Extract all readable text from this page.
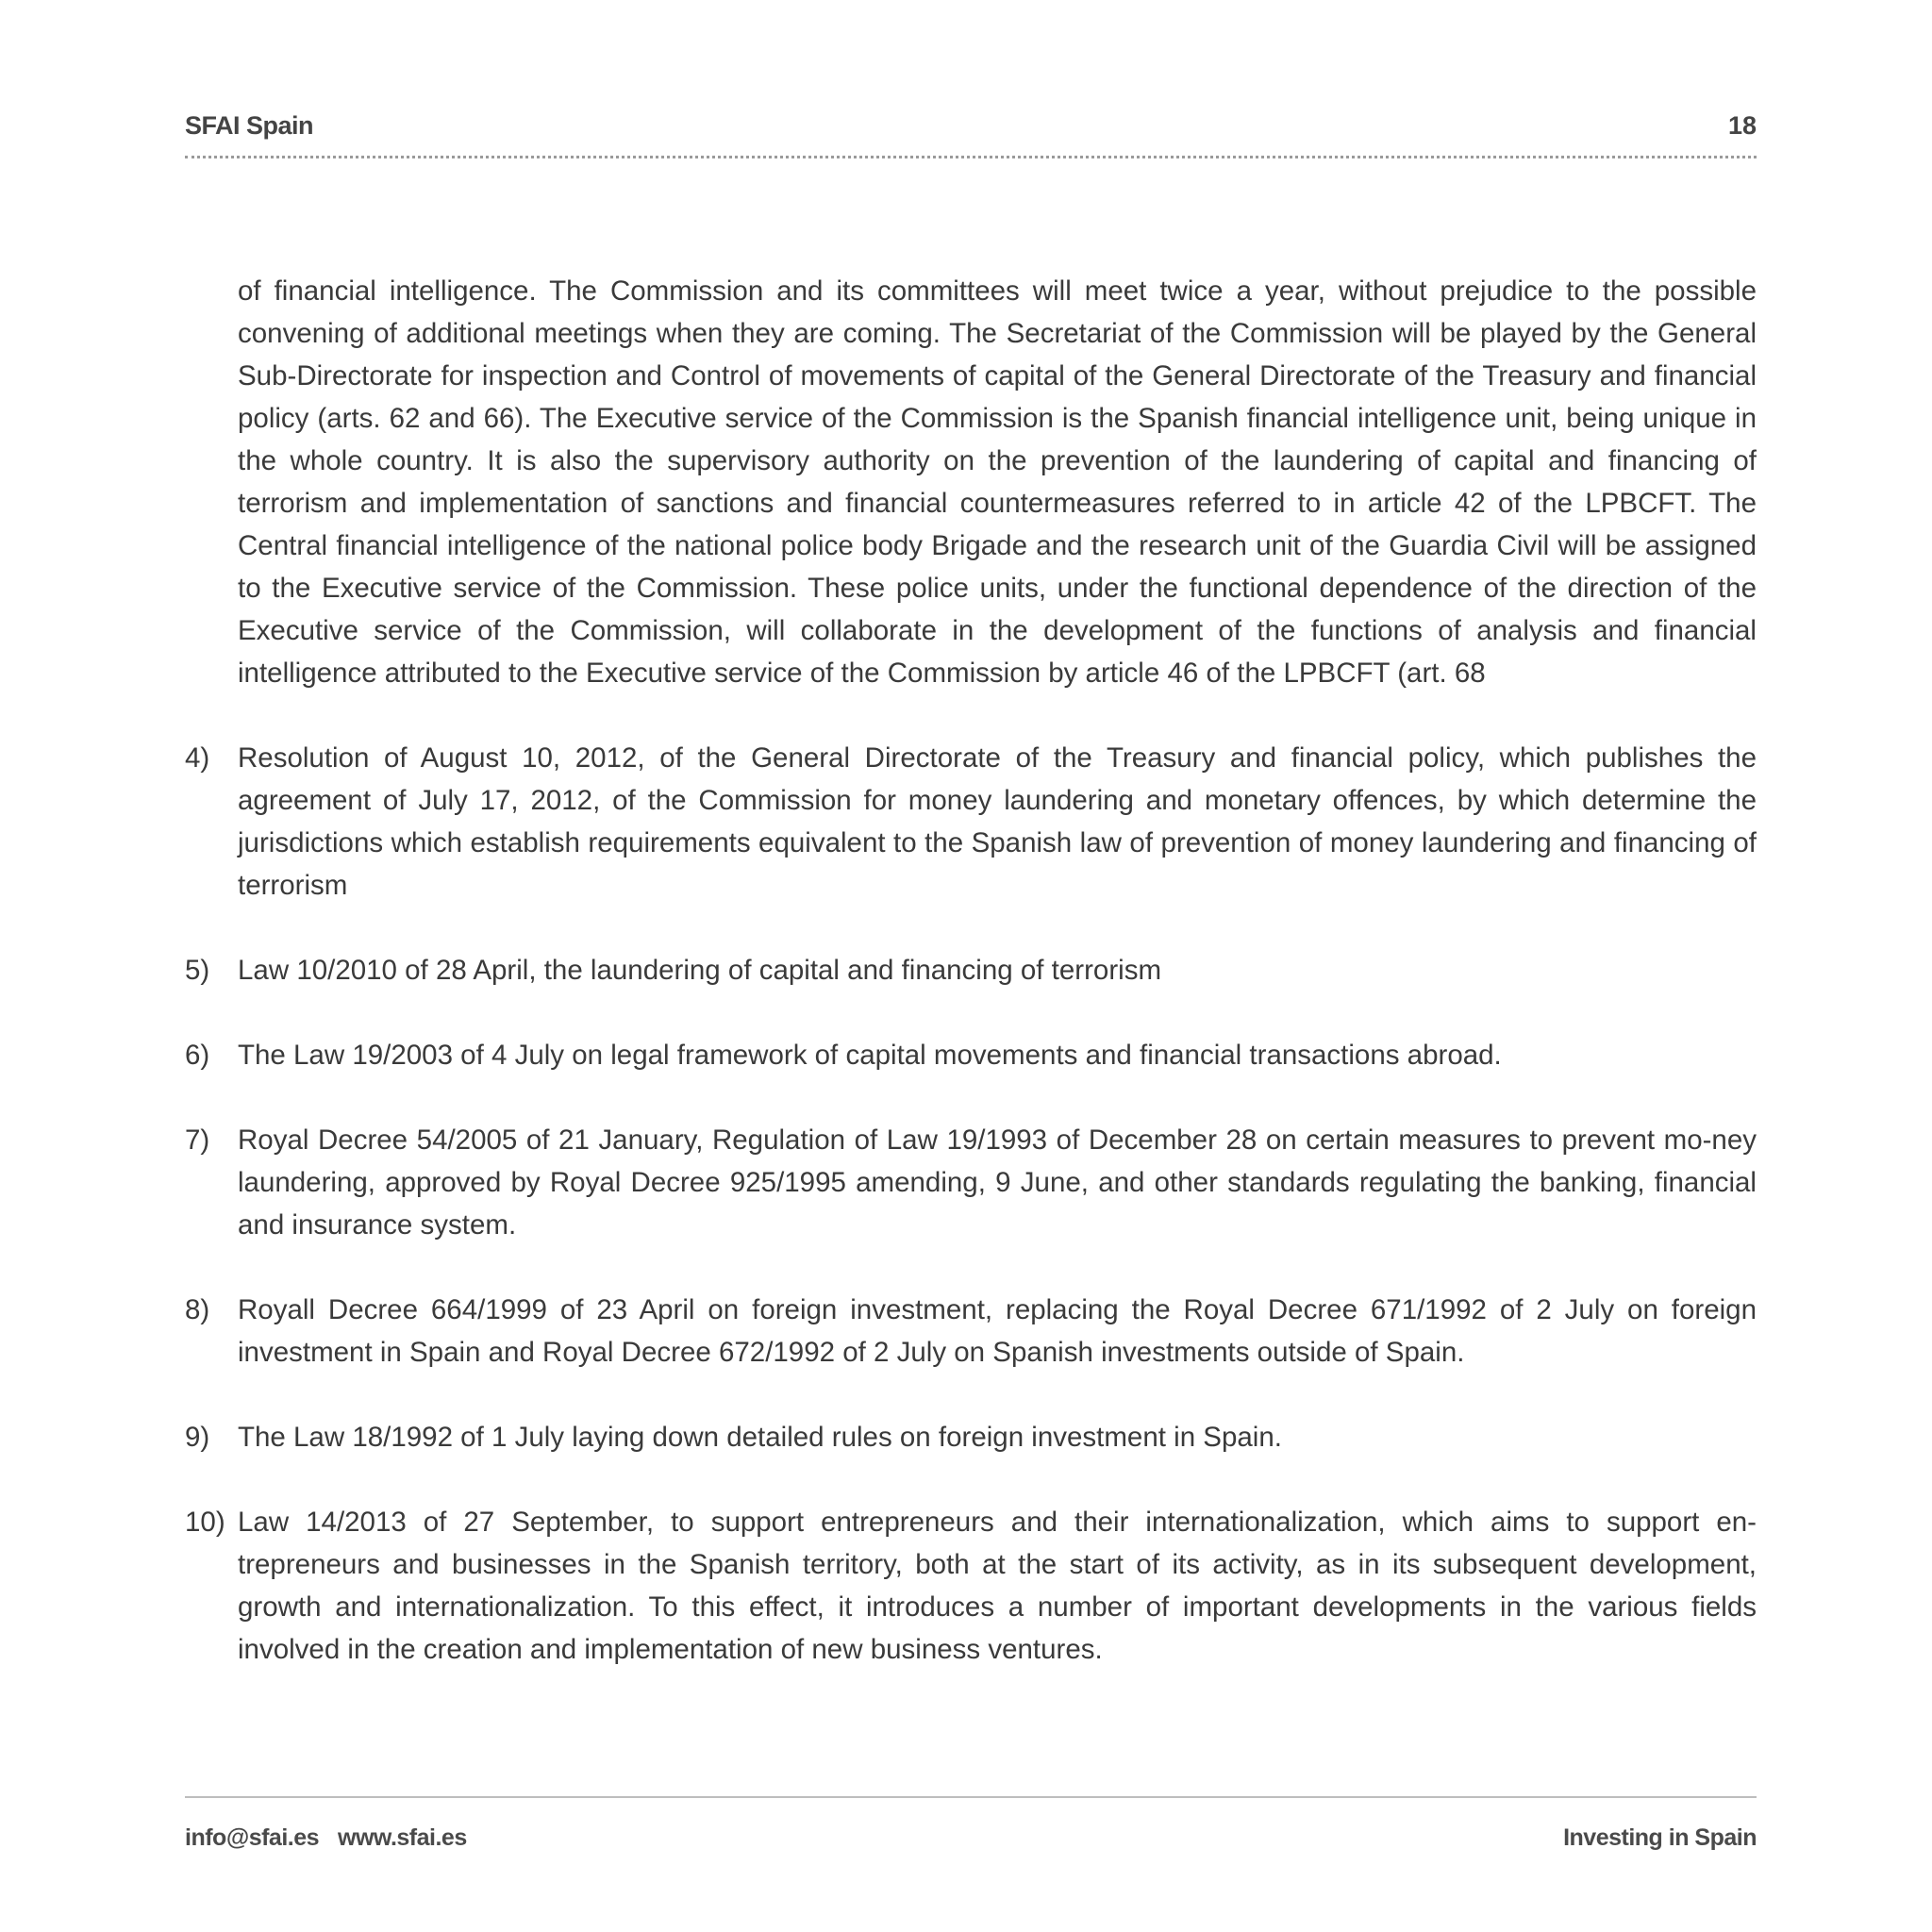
SFAI Spain	18

of financial intelligence. The Commission and its committees will meet twice a year, without prejudice to the possible convening of additional meetings when they are coming. The Secretariat of the Commission will be played by the General Sub-Directorate for inspection and Control of movements of capital of the General Directorate of the Treasury and financial policy (arts. 62 and 66). The Executive service of the Commission is the Spanish financial intelligence unit, being unique in the whole country. It is also the supervisory authority on the prevention of the laundering of capital and financing of terrorism and implementation of sanctions and financial countermeasures referred to in article 42 of the LPBCFT. The Central financial intelligence of the national police body Brigade and the research unit of the Guardia Civil will be assigned to the Executive service of the Commission. These police units, under the functional dependence of the direction of the Executive service of the Commission, will collaborate in the development of the functions of analysis and financial intelligence attributed to the Executive service of the Commission by article 46 of the LPBCFT (art. 68

4) Resolution of August 10, 2012, of the General Directorate of the Treasury and financial policy, which publishes the agreement of July 17, 2012, of the Commission for money laundering and monetary offences, by which determine the jurisdictions which establish requirements equivalent to the Spanish law of prevention of money laundering and financing of terrorism
5) Law 10/2010 of 28 April, the laundering of capital and financing of terrorism
6) The Law 19/2003 of 4 July on legal framework of capital movements and financial transactions abroad.
7) Royal Decree 54/2005 of 21 January, Regulation of Law 19/1993 of December 28 on certain measures to prevent mo-ney laundering, approved by Royal Decree 925/1995 amending, 9 June, and other standards regulating the banking, financial and insurance system.
8) Royall Decree 664/1999 of 23 April on foreign investment, replacing the Royal Decree 671/1992 of 2 July on foreign investment in Spain and Royal Decree 672/1992 of 2 July on Spanish investments outside of Spain.
9) The Law 18/1992 of 1 July laying down detailed rules on foreign investment in Spain.
10) Law 14/2013 of 27 September, to support entrepreneurs and their internationalization, which aims to support en-trepreneurs and businesses in the Spanish territory, both at the start of its activity, as in its subsequent development, growth and internationalization. To this effect, it introduces a number of important developments in the various fields involved in the creation and implementation of new business ventures.
info@sfai.es www.sfai.es	Investing in Spain
